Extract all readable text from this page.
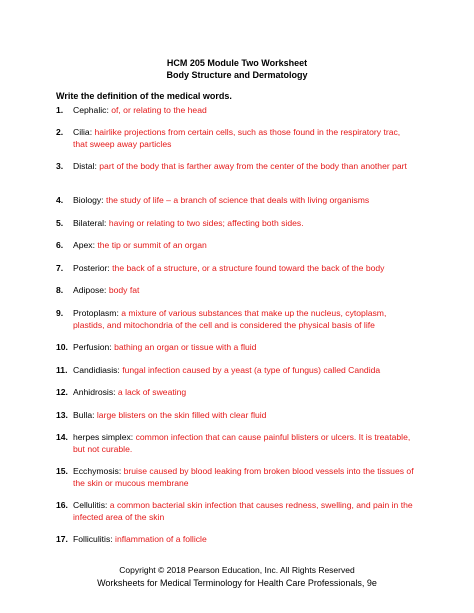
HCM 205 Module Two Worksheet
Body Structure and Dermatology
Write the definition of the medical words.
1.	Cephalic: of, or relating to the head
2.	Cilia: hairlike projections from certain cells, such as those found in the respiratory trac, that sweep away particles
3.	Distal: part of the body that is farther away from the center of the body than another part
4.	Biology: the study of life – a branch of science that deals with living organisms
5.	Bilateral: having or relating to two sides; affecting both sides.
6.	Apex: the tip or summit of an organ
7.	Posterior: the back of a structure, or a structure found toward the back of the body
8.	Adipose: body fat
9.	Protoplasm: a mixture of various substances that make up the nucleus, cytoplasm, plastids, and mitochondria of the cell and is considered the physical basis of life
10. Perfusion: bathing an organ or tissue with a fluid
11. Candidiasis: fungal infection caused by a yeast (a type of fungus) called Candida
12. Anhidrosis: a lack of sweating
13. Bulla: large blisters on the skin filled with clear fluid
14. herpes simplex: common infection that can cause painful blisters or ulcers. It is treatable, but not curable.
15. Ecchymosis: bruise caused by blood leaking from broken blood vessels into the tissues of the skin or mucous membrane
16. Cellulitis: a common bacterial skin infection that causes redness, swelling, and pain in the infected area of the skin
17. Folliculitis: inflammation of a follicle
Copyright © 2018 Pearson Education, Inc. All Rights Reserved
Worksheets for Medical Terminology for Health Care Professionals, 9e
